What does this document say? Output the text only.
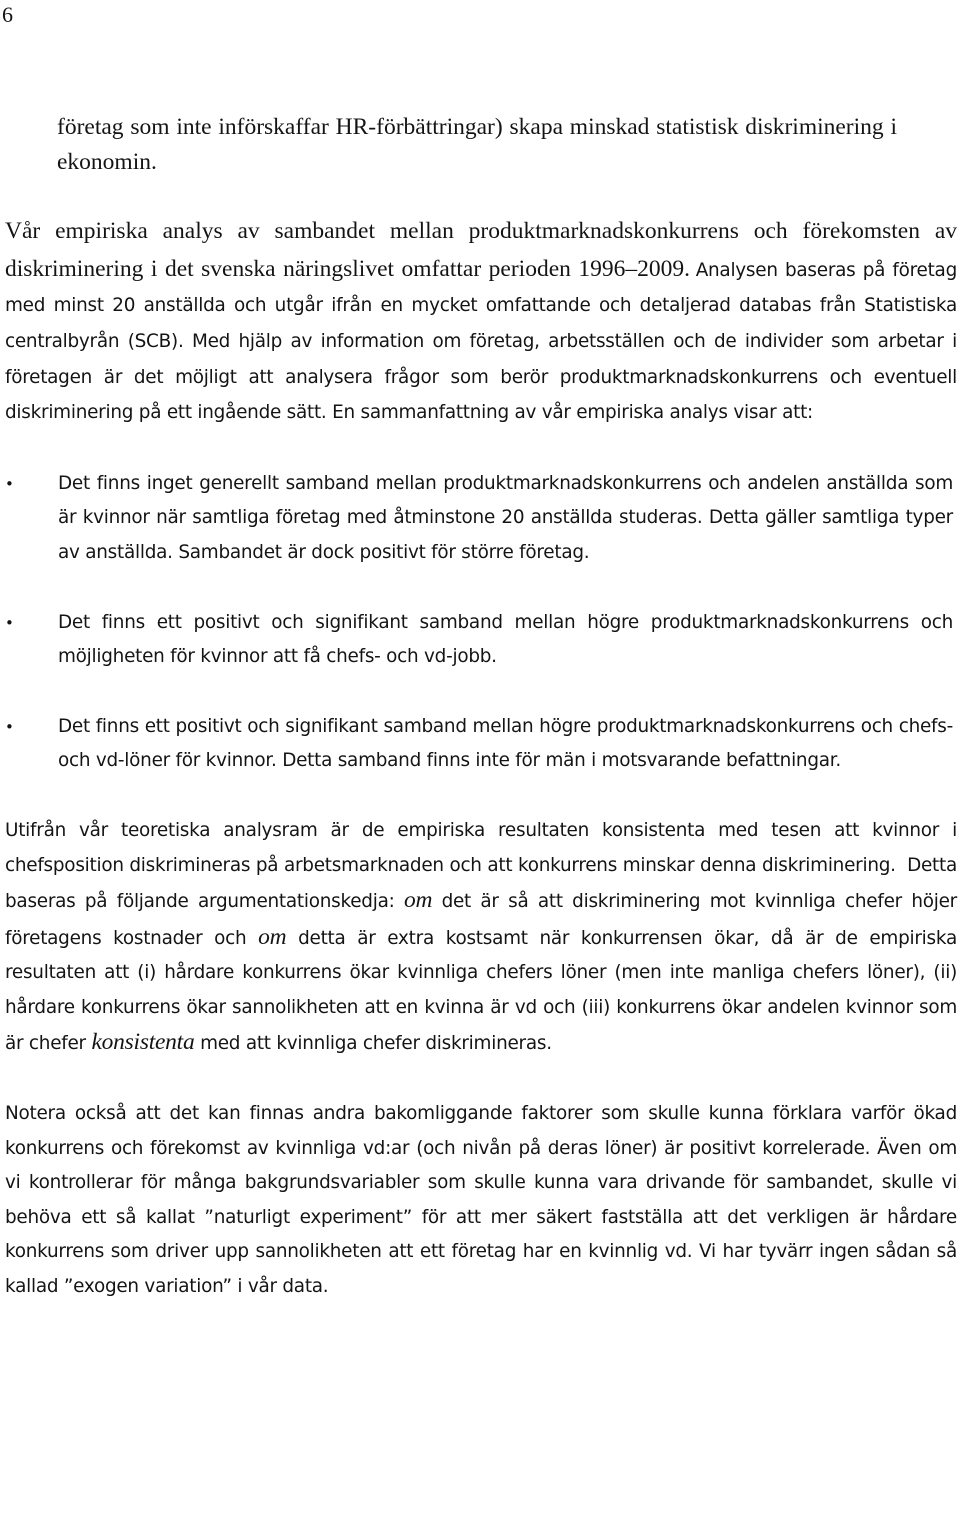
6

företag som inte införskaffar HR-förbättringar) skapa minskad statistisk diskriminering i ekonomin.

Vår empiriska analys av sambandet mellan produktmarknadskonkurrens och förekomsten av diskriminering i det svenska näringslivet omfattar perioden 1996–2009. Analysen baseras på företag med minst 20 anställda och utgår ifrån en mycket omfattande och detaljerad databas från Statistiska centralbyrån (SCB). Med hjälp av information om företag, arbetsställen och de individer som arbetar i företagen är det möjligt att analysera frågor som berör produktmarknadskonkurrens och eventuell diskriminering på ett ingående sätt. En sammanfattning av vår empiriska analys visar att:

• Det finns inget generellt samband mellan produktmarknadskonkurrens och andelen anställda som är kvinnor när samtliga företag med åtminstone 20 anställda studeras. Detta gäller samtliga typer av anställda. Sambandet är dock positivt för större företag.

• Det finns ett positivt och signifikant samband mellan högre produktmarknadskonkurrens och möjligheten för kvinnor att få chefs- och vd-jobb.

• Det finns ett positivt och signifikant samband mellan högre produktmarknadskonkurrens och chefs- och vd-löner för kvinnor. Detta samband finns inte för män i motsvarande befattningar.

Utifrån vår teoretiska analysram är de empiriska resultaten konsistenta med tesen att kvinnor i chefsposition diskrimineras på arbetsmarknaden och att konkurrens minskar denna diskriminering. Detta baseras på följande argumentationskedja: om det är så att diskriminering mot kvinnliga chefer höjer företagens kostnader och om detta är extra kostsamt när konkurrensen ökar, då är de empiriska resultaten att (i) hårdare konkurrens ökar kvinnliga chefers löner (men inte manliga chefers löner), (ii) hårdare konkurrens ökar sannolikheten att en kvinna är vd och (iii) konkurrens ökar andelen kvinnor som är chefer konsistenta med att kvinnliga chefer diskrimineras.

Notera också att det kan finnas andra bakomliggande faktorer som skulle kunna förklara varför ökad konkurrens och förekomst av kvinnliga vd:ar (och nivån på deras löner) är positivt korrelerade. Även om vi kontrollerar för många bakgrundsvariabler som skulle kunna vara drivande för sambandet, skulle vi behöva ett så kallat ”naturligt experiment” för att mer säkert fastställa att det verkligen är hårdare konkurrens som driver upp sannolikheten att ett företag har en kvinnlig vd. Vi har tyvärr ingen sådan så kallad ”exogen variation” i vår data.
